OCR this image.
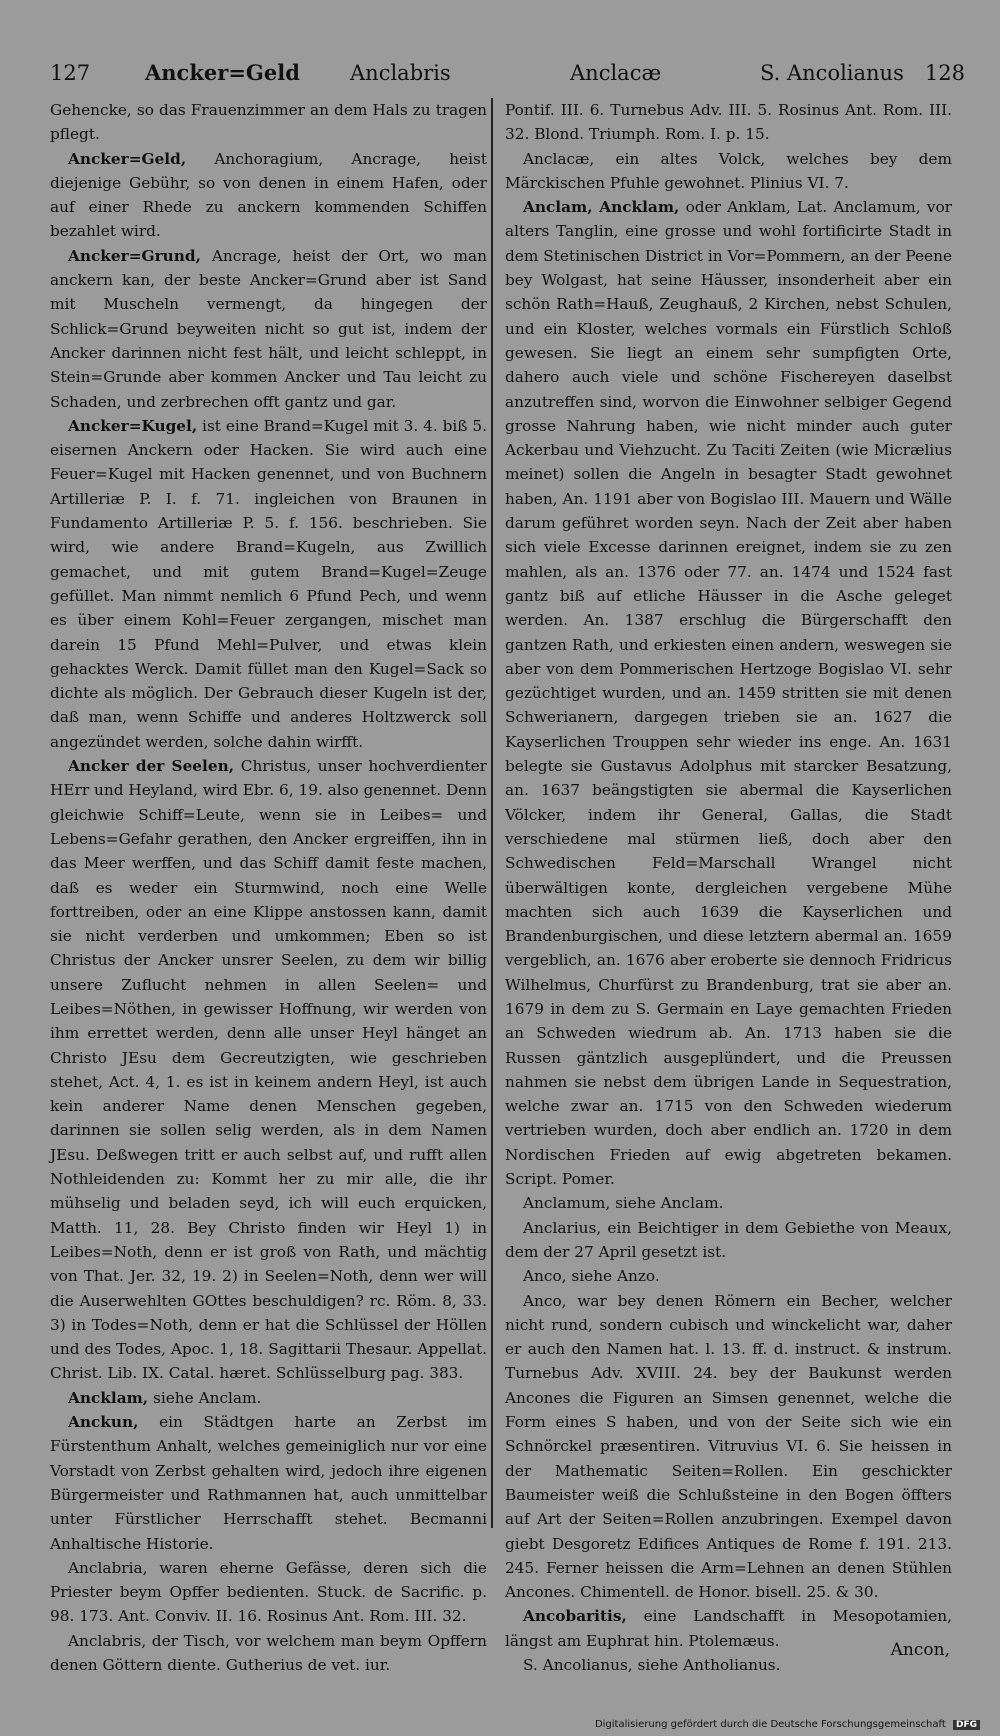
127	Ancker=Geld Anclabris	Anclacæ	S. Ancolianus 128

Gehencke, so das Frauenzimmer an dem Hals zu tragen pflegt.

Ancker=Geld, Anchoragium, Ancrage, heist diejenige Gebühr, so von denen in einem Hafen, oder auf einer Rhede zu anckern kommenden Schiffen bezahlet wird.

Ancker=Grund, Ancrage, heist der Ort, wo man anckern kan, der beste Ancker=Grund aber ist Sand mit Muscheln vermengt, da hingegen der Schlick=Grund beyweiten nicht so gut ist, indem der Ancker darinnen nicht fest hält, und leicht schleppt, in Stein=Grunde aber kommen Ancker und Tau leicht zu Schaden, und zerbrechen offt gantz und gar.

Ancker=Kugel, ist eine Brand=Kugel mit 3. 4. biß 5. eisernen Anckern oder Hacken. Sie wird auch eine Feuer=Kugel mit Hacken genennet, und von Buchnern Artilleriæ P. I. f. 71. ingleichen von Braunen in Fundamento Artilleriæ P. 5. f. 156. beschrieben. Sie wird, wie andere Brand=Kugeln, aus Zwillich gemachet, und mit gutem Brand=Kugel=Zeuge gefüllet. Man nimmt nemlich 6 Pfund Pech, und wenn es über einem Kohl=Feuer zergangen, mischet man darein 15 Pfund Mehl=Pulver, und etwas klein gehacktes Werck. Damit füllet man den Kugel=Sack so dichte als möglich. Der Gebrauch dieser Kugeln ist der, daß man, wenn Schiffe und anderes Holtzwerck soll angezündet werden, solche dahin wirfft.

Ancker der Seelen, Christus, unser hochverdienter HErr und Heyland, wird Ebr. 6, 19. also genennet. Denn gleichwie Schiff=Leute, wenn sie in Leibes= und Lebens=Gefahr gerathen, den Ancker ergreiffen, ihn in das Meer werffen, und das Schiff damit feste machen, daß es weder ein Sturmwind, noch eine Welle forttreiben, oder an eine Klippe anstossen kann, damit sie nicht verderben und umkommen; Eben so ist Christus der Ancker unsrer Seelen, zu dem wir billig unsere Zuflucht nehmen in allen Seelen= und Leibes=Nöthen, in gewisser Hoffnung, wir werden von ihm errettet werden, denn alle unser Heyl hänget an Christo JEsu dem Gecreutzigten, wie geschrieben stehet, Act. 4, 1. es ist in keinem andern Heyl, ist auch kein anderer Name denen Menschen gegeben, darinnen sie sollen selig werden, als in dem Namen JEsu. Deßwegen tritt er auch selbst auf, und rufft allen Nothleidenden zu: Kommt her zu mir alle, die ihr mühselig und beladen seyd, ich will euch erquicken, Matth. 11, 28. Bey Christo finden wir Heyl 1) in Leibes=Noth, denn er ist groß von Rath, und mächtig von That. Jer. 32, 19. 2) in Seelen=Noth, denn wer will die Auserwehlten GOttes beschuldigen? rc. Röm. 8, 33. 3) in Todes=Noth, denn er hat die Schlüssel der Höllen und des Todes, Apoc. 1, 18. Sagittarii Thesaur. Appellat. Christ. Lib. IX. Catal. hæret. Schlüsselburg pag. 383.

Ancklam, siehe Anclam.

Anckun, ein Städtgen harte an Zerbst im Fürstenthum Anhalt, welches gemeiniglich nur vor eine Vorstadt von Zerbst gehalten wird, jedoch ihre eigenen Bürgermeister und Rathmannen hat, auch unmittelbar unter Fürstlicher Herrschafft stehet. Becmanni Anhaltische Historie.

Anclabria, waren eherne Gefässe, deren sich die Priester beym Opffer bedienten. Stuck. de Sacrific. p. 98. 173. Ant. Conviv. II. 16. Rosinus Ant. Rom. III. 32.

Anclabris, der Tisch, vor welchem man beym Opffern denen Göttern diente. Gutherius de vet. iur.

Pontif. III. 6. Turnebus Adv. III. 5. Rosinus Ant. Rom. III. 32. Blond. Triumph. Rom. I. p. 15.

Anclacæ, ein altes Volck, welches bey dem Märckischen Pfuhle gewohnet. Plinius VI. 7.

Anclam, Ancklam, oder Anklam, Lat. Anclamum, vor alters Tanglin, eine grosse und wohl fortificirte Stadt in dem Stetinischen District in Vor=Pommern, an der Peene bey Wolgast, hat seine Häusser, insonderheit aber ein schön Rath=Hauß, Zeughauß, 2 Kirchen, nebst Schulen, und ein Kloster, welches vormals ein Fürstlich Schloß gewesen. Sie liegt an einem sehr sumpfigten Orte, dahero auch viele und schöne Fischereyen daselbst anzutreffen sind, worvon die Einwohner selbiger Gegend grosse Nahrung haben, wie nicht minder auch guter Ackerbau und Viehzucht. Zu Taciti Zeiten (wie Micrælius meinet) sollen die Angeln in besagter Stadt gewohnet haben, An. 1191 aber von Bogislao III. Mauern und Wälle darum geführet worden seyn. Nach der Zeit aber haben sich viele Excesse darinnen ereignet, indem sie zu zen mahlen, als an. 1376 oder 77. an. 1474 und 1524 fast gantz biß auf etliche Häusser in die Asche geleget werden. An. 1387 erschlug die Bürgerschafft den gantzen Rath, und erkiesten einen andern, weswegen sie aber von dem Pommerischen Hertzoge Bogislao VI. sehr gezüchtiget wurden, und an. 1459 stritten sie mit denen Schwerianern, dargegen trieben sie an. 1627 die Kayserlichen Trouppen sehr wieder ins enge. An. 1631 belegte sie Gustavus Adolphus mit starcker Besatzung, an. 1637 beängstigten sie abermal die Kayserlichen Völcker, indem ihr General, Gallas, die Stadt verschiedene mal stürmen ließ, doch aber den Schwedischen Feld=Marschall Wrangel nicht überwältigen konte, dergleichen vergebene Mühe machten sich auch 1639 die Kayserlichen und Brandenburgischen, und diese letztern abermal an. 1659 vergeblich, an. 1676 aber eroberte sie dennoch Fridricus Wilhelmus, Churfürst zu Brandenburg, trat sie aber an. 1679 in dem zu S. Germain en Laye gemachten Frieden an Schweden wiedrum ab. An. 1713 haben sie die Russen gäntzlich ausgeplündert, und die Preussen nahmen sie nebst dem übrigen Lande in Sequestration, welche zwar an. 1715 von den Schweden wiederum vertrieben wurden, doch aber endlich an. 1720 in dem Nordischen Frieden auf ewig abgetreten bekamen. Script. Pomer.

Anclamum, siehe Anclam.

Anclarius, ein Beichtiger in dem Gebiethe von Meaux, dem der 27 April gesetzt ist.

Anco, siehe Anzo.

Anco, war bey denen Römern ein Becher, welcher nicht rund, sondern cubisch und winckelicht war, daher er auch den Namen hat. l. 13. ff. d. instruct. & instrum. Turnebus Adv. XVIII. 24. bey der Baukunst werden Ancones die Figuren an Simsen genennet, welche die Form eines S haben, und von der Seite sich wie ein Schnörckel præsentiren. Vitruvius VI. 6. Sie heissen in der Mathematic Seiten=Rollen. Ein geschickter Baumeister weiß die Schlußsteine in den Bogen öffters auf Art der Seiten=Rollen anzubringen. Exempel davon giebt Desgoretz Edifices Antiques de Rome f. 191. 213. 245. Ferner heissen die Arm=Lehnen an denen Stühlen Ancones. Chimentell. de Honor. bisell. 25. & 30.

Ancobaritis, eine Landschafft in Mesopotamien, längst am Euphrat hin. Ptolemæus.

S. Ancolianus, siehe Antholianus.

Ancon,
Digitalisierung gefördert durch die Deutsche Forschungsgemeinschaft DFG
